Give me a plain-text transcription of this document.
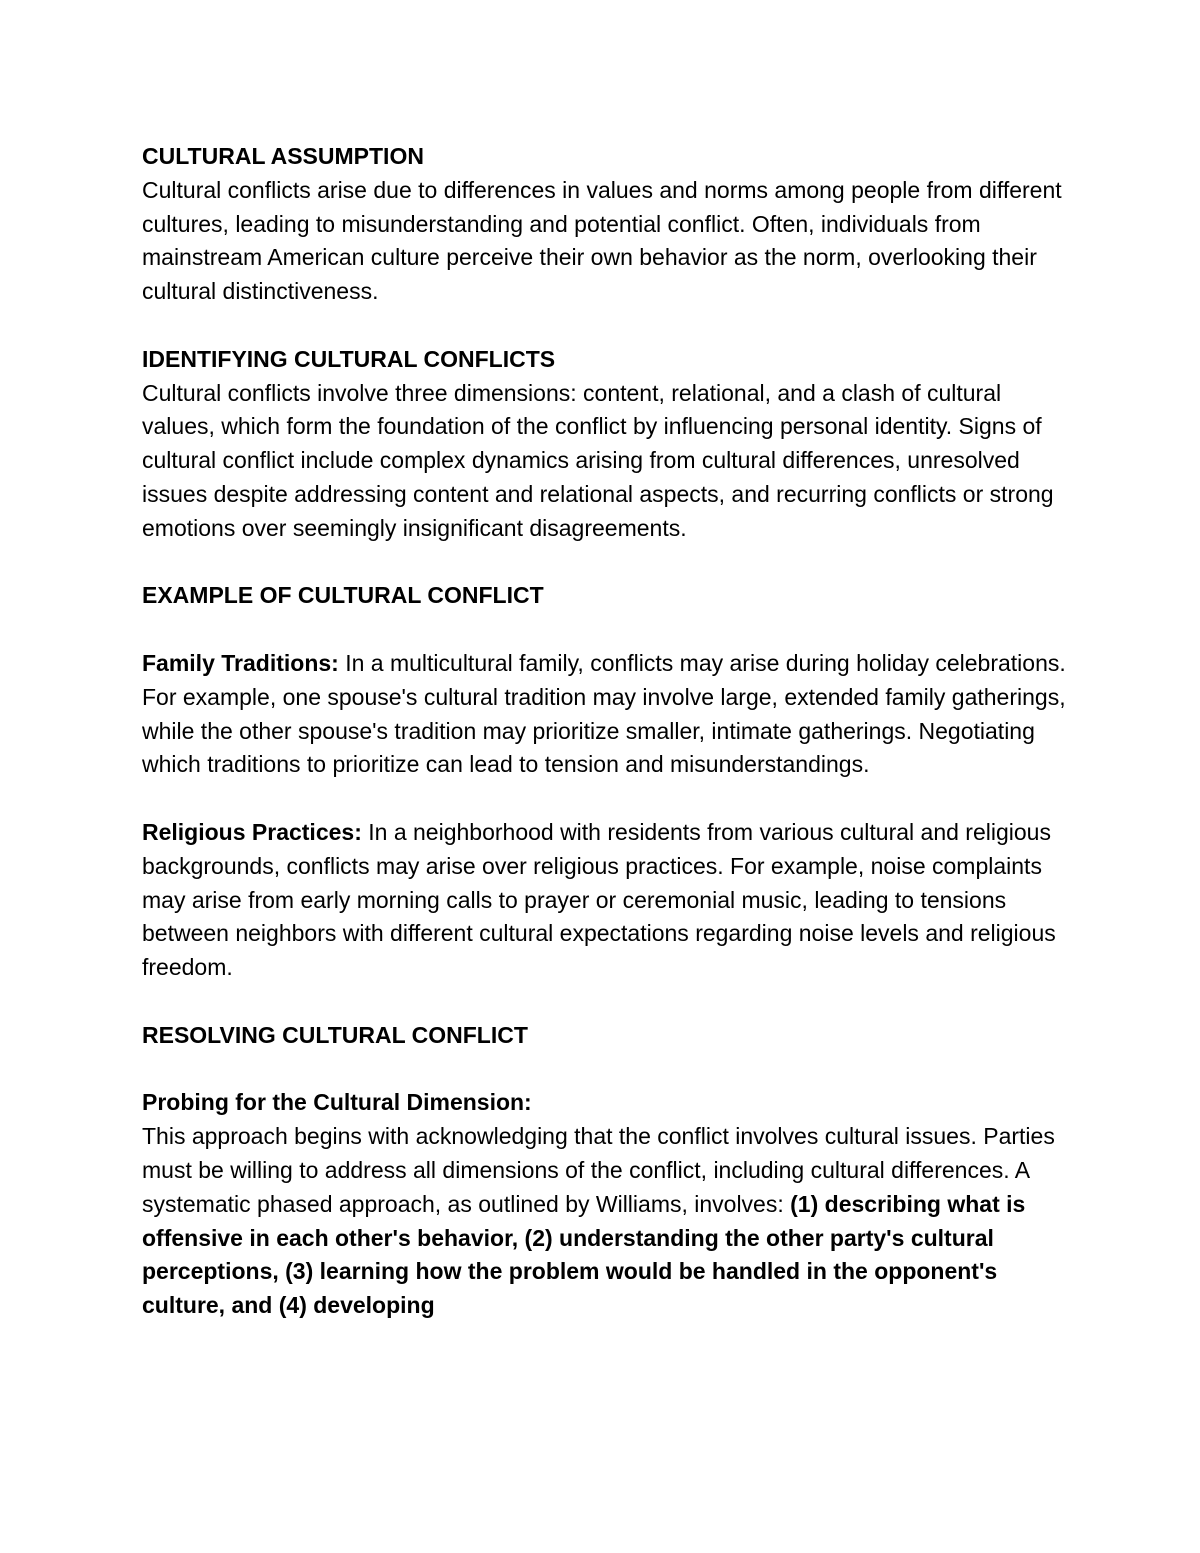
CULTURAL ASSUMPTION

Cultural conflicts arise due to differences in values and norms among people from different cultures, leading to misunderstanding and potential conflict. Often, individuals from mainstream American culture perceive their own behavior as the norm, overlooking their cultural distinctiveness.

IDENTIFYING CULTURAL CONFLICTS

Cultural conflicts involve three dimensions: content, relational, and a clash of cultural values, which form the foundation of the conflict by influencing personal identity. Signs of cultural conflict include complex dynamics arising from cultural differences, unresolved issues despite addressing content and relational aspects, and recurring conflicts or strong emotions over seemingly insignificant disagreements.

EXAMPLE OF CULTURAL CONFLICT

Family Traditions: In a multicultural family, conflicts may arise during holiday celebrations. For example, one spouse's cultural tradition may involve large, extended family gatherings, while the other spouse's tradition may prioritize smaller, intimate gatherings. Negotiating which traditions to prioritize can lead to tension and misunderstandings.

Religious Practices: In a neighborhood with residents from various cultural and religious backgrounds, conflicts may arise over religious practices. For example, noise complaints may arise from early morning calls to prayer or ceremonial music, leading to tensions between neighbors with different cultural expectations regarding noise levels and religious freedom.

RESOLVING CULTURAL CONFLICT

Probing for the Cultural Dimension:

This approach begins with acknowledging that the conflict involves cultural issues. Parties must be willing to address all dimensions of the conflict, including cultural differences. A systematic phased approach, as outlined by Williams, involves: (1) describing what is offensive in each other's behavior, (2) understanding the other party's cultural perceptions, (3) learning how the problem would be handled in the opponent's culture, and (4) developing
